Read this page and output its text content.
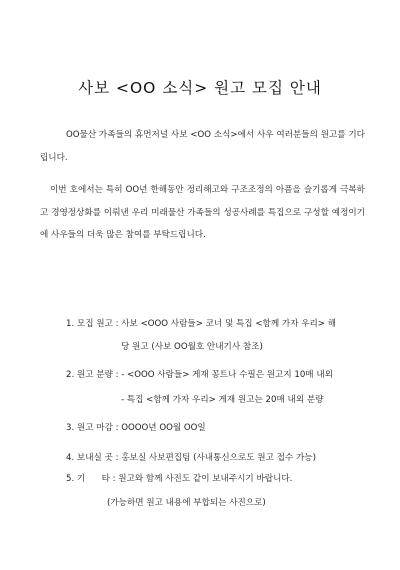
사보 <OO 소식> 원고 모집 안내
OO물산 가족들의 휴먼저널 사보 <OO 소식>에서 사우 여러분들의 원고를 기다립니다.
이번 호에서는 특히 OO년 한해동안 정리해고와 구조조정의 아픔을 슬기롭게 극복하고 경영정상화를 이뤄낸 우리 미래물산 가족들의 성공사례를 특집으로 구성할 예정이기에 사우들의 더욱 많은 참여를 부탁드립니다.
1. 모집 원고 : 사보 <OOO 사람들> 코너 및 특집 <함께 가자 우리> 해
당 원고 (사보 OO월호 안내기사 참조)
2. 원고 분량 : - <OOO 사람들> 게재 꽁트나 수필은 원고지 10매 내외
- 특집 <함께 가자 우리> 게재 원고는 20매 내외 분량
3. 원고 마감 : OOOO년 OO월 OO일
4. 보내실 곳 : 홍보실 사보편집팀 (사내통신으로도 원고 접수 가능)
5. 기      타 : 원고와 함께 사진도 같이 보내주시기 바랍니다.
(가능하면 원고 내용에 부합되는 사진으로)
